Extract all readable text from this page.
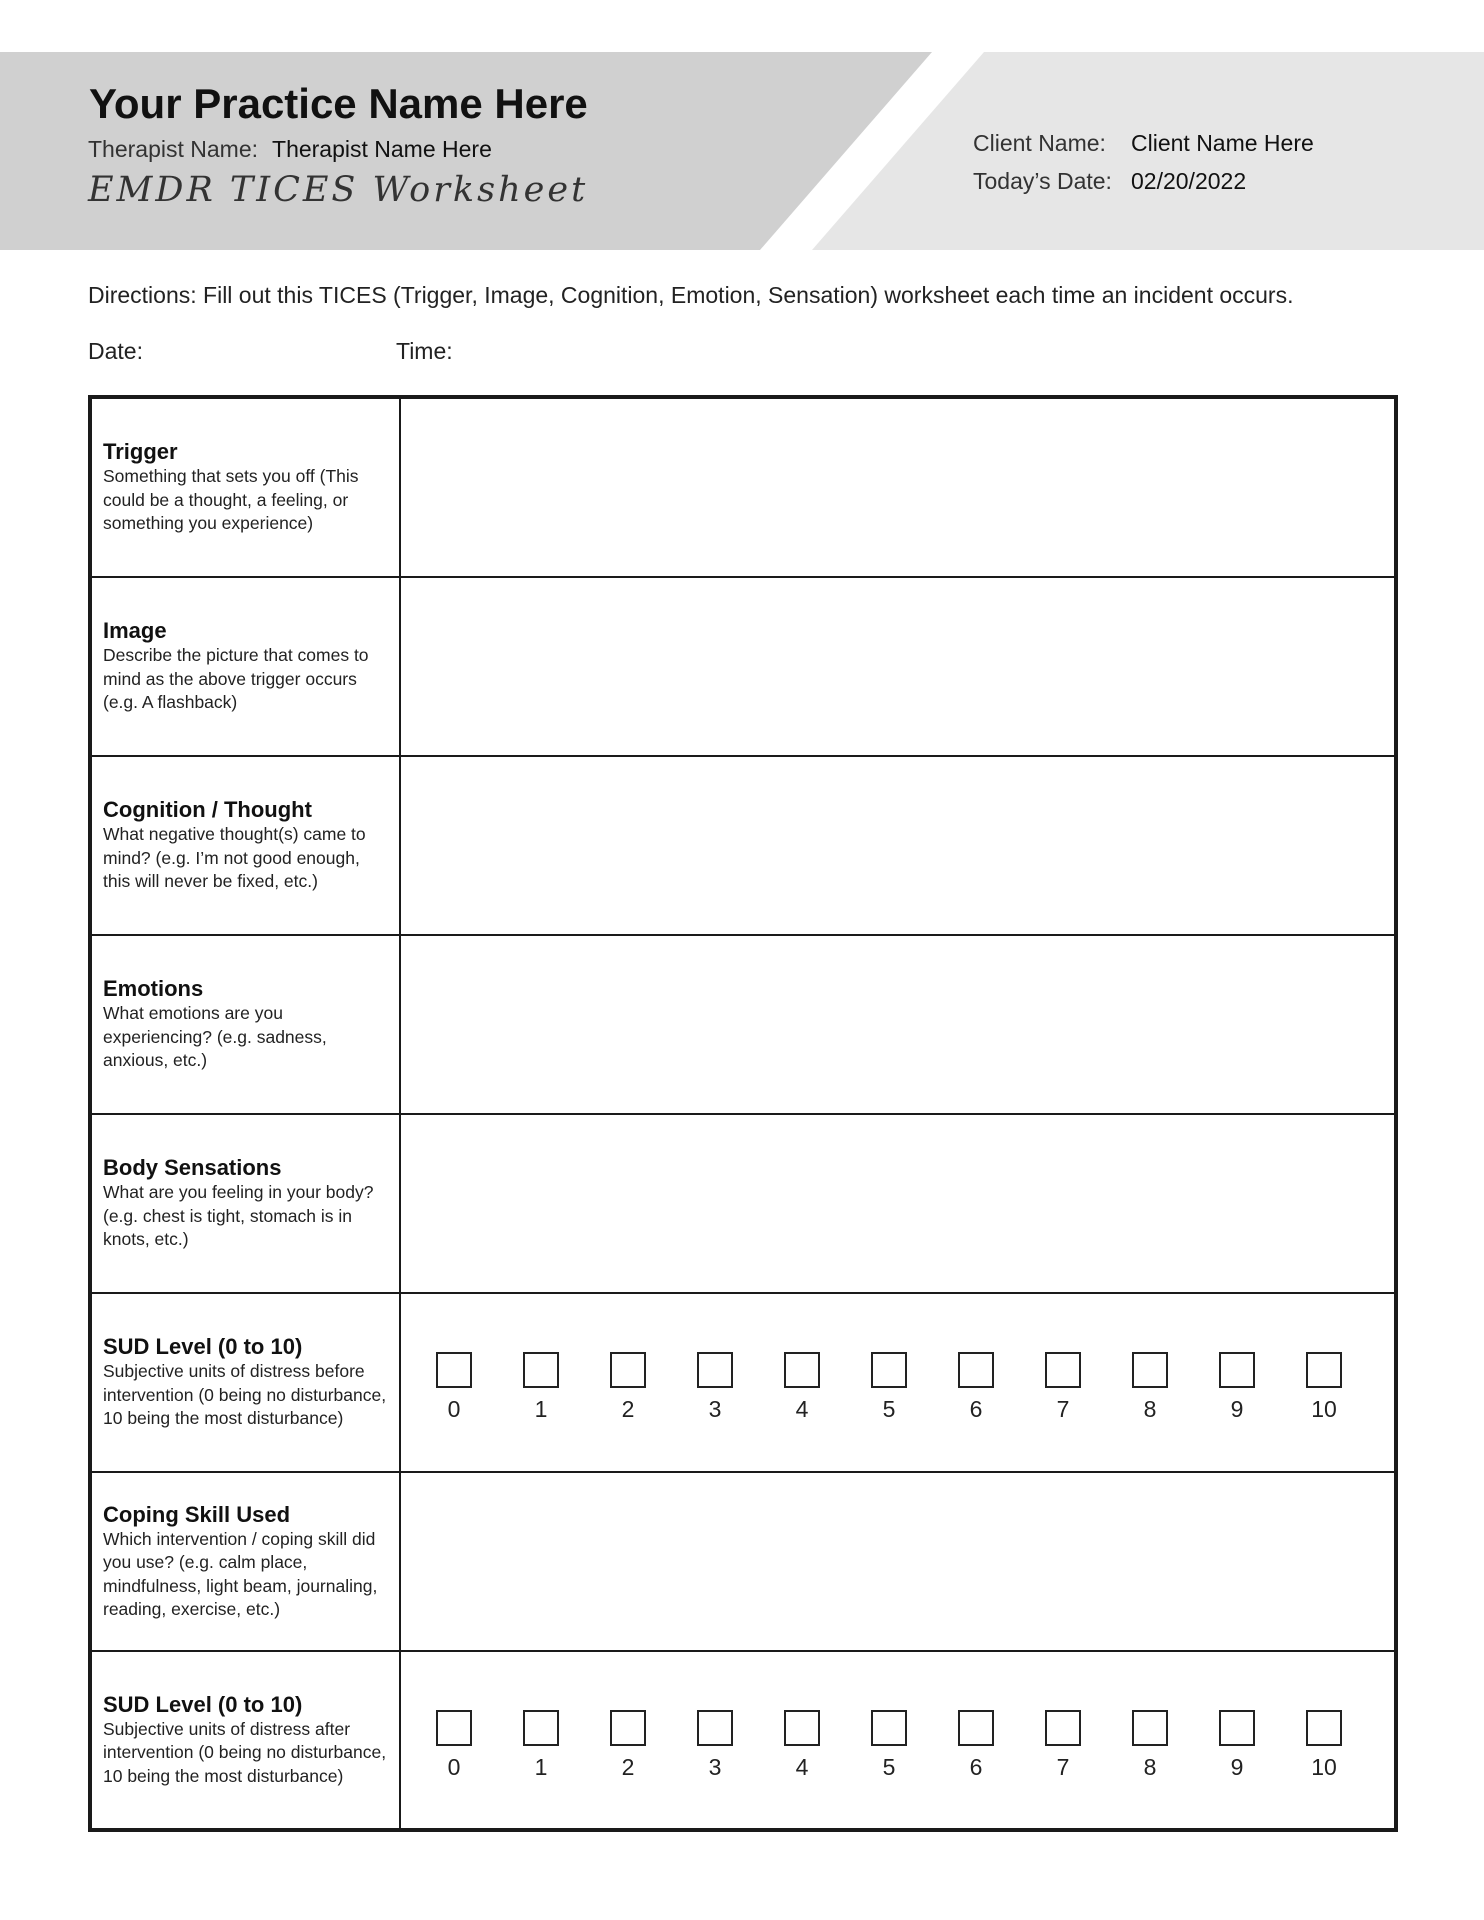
Your Practice Name Here
Therapist Name: Therapist Name Here
EMDR TICES Worksheet
Client Name: Client Name Here
Today’s Date: 02/20/2022
Directions: Fill out this TICES (Trigger, Image, Cognition, Emotion, Sensation) worksheet each time an incident occurs.
Date:	Time:
Trigger
Something that sets you off (This could be a thought, a feeling, or something you experience)
Image
Describe the picture that comes to mind as the above trigger occurs (e.g. A flashback)
Cognition / Thought
What negative thought(s) came to mind? (e.g. I’m not good enough, this will never be fixed, etc.)
Emotions
What emotions are you experiencing? (e.g. sadness, anxious, etc.)
Body Sensations
What are you feeling in your body? (e.g. chest is tight, stomach is in knots, etc.)
SUD Level (0 to 10)
Subjective units of distress before intervention (0 being no disturbance, 10 being the most disturbance)	0	1	2	3	4	5	6	7	8	9	10
Coping Skill Used
Which intervention / coping skill did you use? (e.g. calm place, mindfulness, light beam, journaling, reading, exercise, etc.)
SUD Level (0 to 10)
Subjective units of distress after intervention (0 being no disturbance, 10 being the most disturbance)	0	1	2	3	4	5	6	7	8	9	10
